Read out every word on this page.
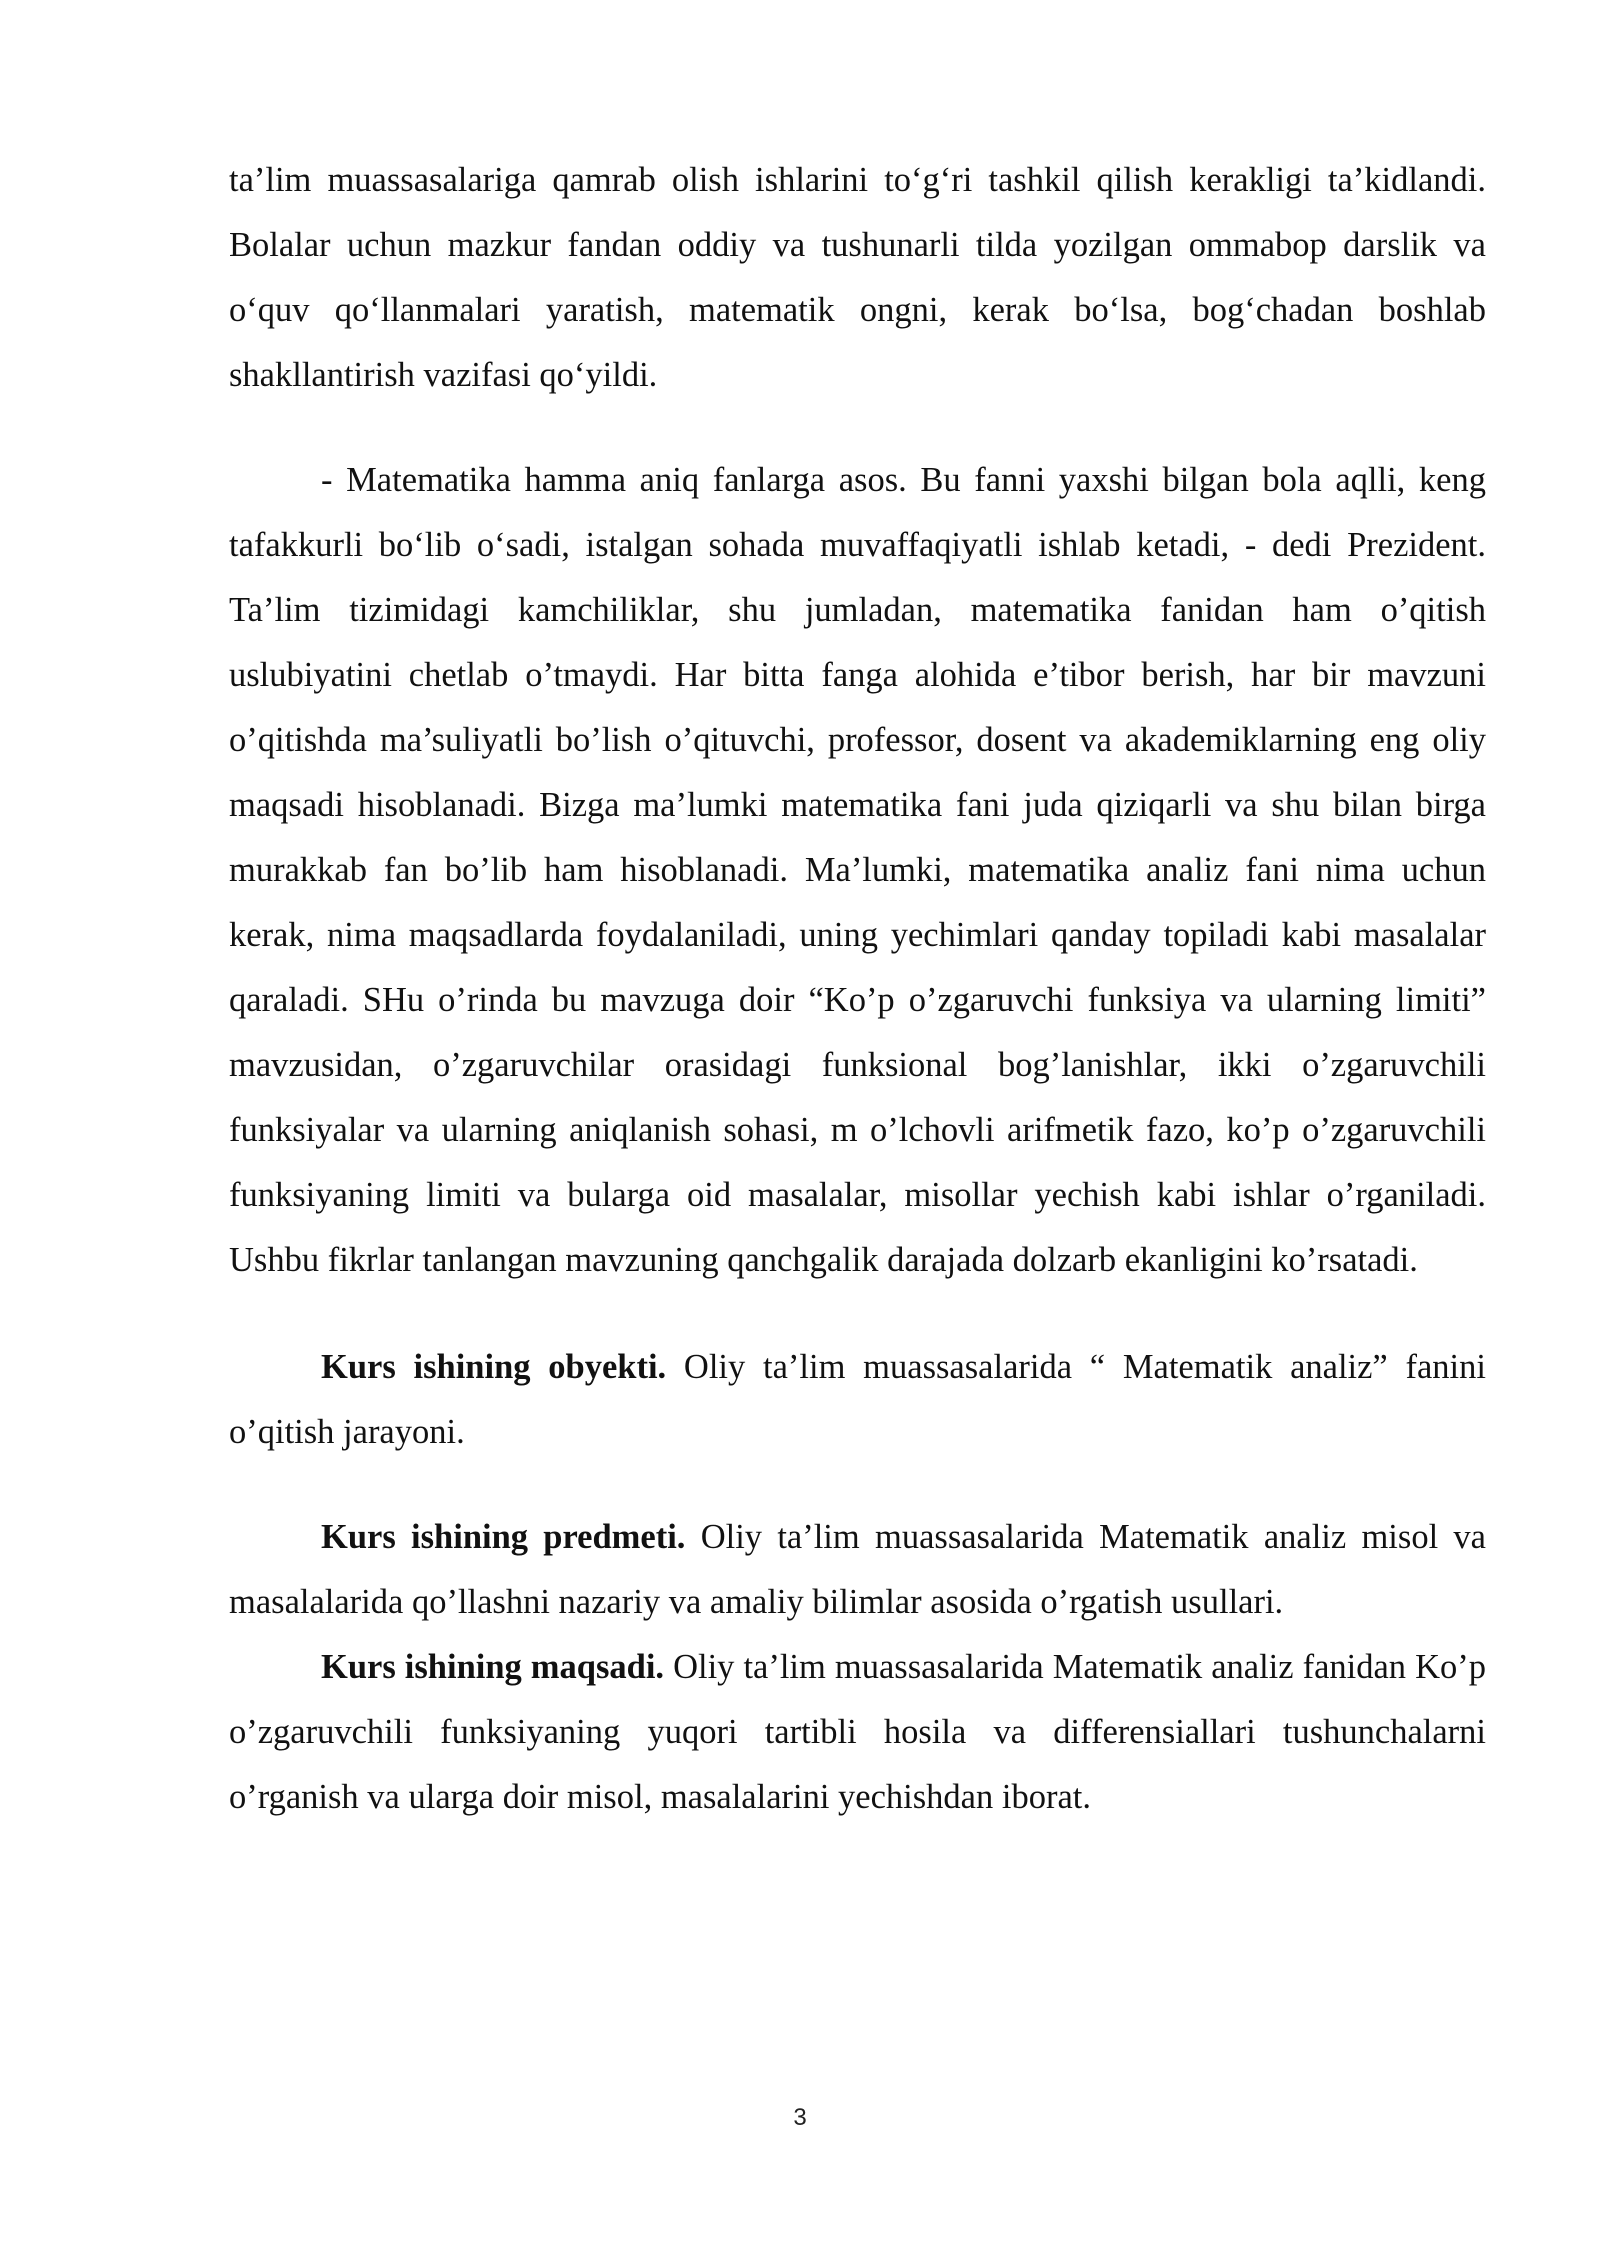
ta’lim muassasalariga qamrab olish ishlarini to‘g‘ri tashkil qilish kerakligi ta’kidlandi. Bolalar uchun mazkur fandan oddiy va tushunarli tilda yozilgan ommabop darslik va o‘quv qo‘llanmalari yaratish, matematik ongni, kerak bo‘lsa, bog‘chadan boshlab shakllantirish vazifasi qo‘yildi.

- Matematika hamma aniq fanlarga asos. Bu fanni yaxshi bilgan bola aqlli, keng tafakkurli bo‘lib o‘sadi, istalgan sohada muvaffaqiyatli ishlab ketadi, - dedi Prezident. Ta’lim tizimidagi kamchiliklar, shu jumladan, matematika fanidan ham o’qitish uslubiyatini chetlab o’tmaydi. Har bitta fanga alohida e’tibor berish, har bir mavzuni o’qitishda ma’suliyatli bo’lish o’qituvchi, professor, dosent va akademiklarning eng oliy maqsadi hisoblanadi. Bizga ma’lumki matematika fani juda qiziqarli va shu bilan birga murakkab fan bo’lib ham hisoblanadi. Ma’lumki, matematika analiz fani nima uchun kerak, nima maqsadlarda foydalaniladi, uning yechimlari qanday topiladi kabi masalalar qaraladi. SHu o’rinda bu mavzuga doir “Ko’p o’zgaruvchi funksiya va ularning limiti” mavzusidan, o’zgaruvchilar orasidagi funksional bog’lanishlar, ikki o’zgaruvchili funksiyalar va ularning aniqlanish sohasi, m o’lchovli arifmetik fazo, ko’p o’zgaruvchili funksiyaning limiti va bularga oid masalalar, misollar yechish kabi ishlar o’rganiladi. Ushbu fikrlar tanlangan mavzuning qanchgalik darajada dolzarb ekanligini ko’rsatadi.

Kurs ishining obyekti. Oliy ta’lim muassasalarida “ Matematik analiz” fanini o’qitish jarayoni.

Kurs ishining predmeti. Oliy ta’lim muassasalarida Matematik analiz misol va masalalarida qo’llashni nazariy va amaliy bilimlar asosida o’rgatish usullari.

Kurs ishining maqsadi. Oliy ta’lim muassasalarida Matematik analiz fanidan Ko’p o’zgaruvchili funksiyaning yuqori tartibli hosila va differensiallari tushunchalarni o’rganish va ularga doir misol, masalalarini yechishdan iborat.

3
